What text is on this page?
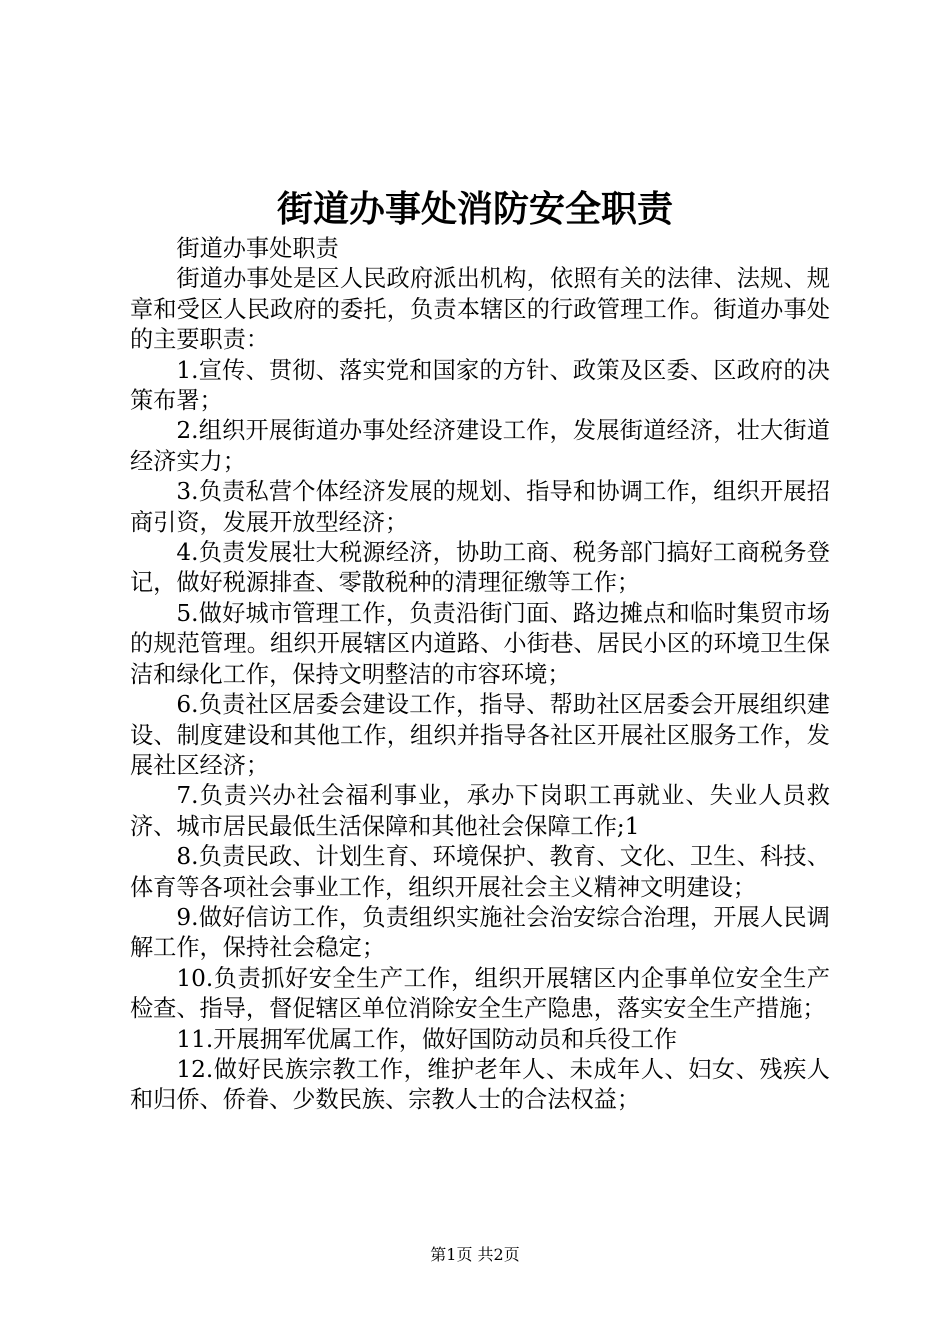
街道办事处消防安全职责

街道办事处职责

街道办事处是区人民政府派出机构，依照有关的法律、法规、规章和受区人民政府的委托，负责本辖区的行政管理工作。街道办事处的主要职责：

1.宣传、贯彻、落实党和国家的方针、政策及区委、区政府的决策布署；

2.组织开展街道办事处经济建设工作，发展街道经济，壮大街道经济实力；

3.负责私营个体经济发展的规划、指导和协调工作，组织开展招商引资，发展开放型经济；

4.负责发展壮大税源经济，协助工商、税务部门搞好工商税务登记，做好税源排查、零散税种的清理征缴等工作；

5.做好城市管理工作，负责沿街门面、路边摊点和临时集贸市场的规范管理。组织开展辖区内道路、小街巷、居民小区的环境卫生保洁和绿化工作，保持文明整洁的市容环境；

6.负责社区居委会建设工作，指导、帮助社区居委会开展组织建设、制度建设和其他工作，组织并指导各社区开展社区服务工作，发展社区经济；

7.负责兴办社会福利事业，承办下岗职工再就业、失业人员救济、城市居民最低生活保障和其他社会保障工作;1

8.负责民政、计划生育、环境保护、教育、文化、卫生、科技、体育等各项社会事业工作，组织开展社会主义精神文明建设；

9.做好信访工作，负责组织实施社会治安综合治理，开展人民调解工作，保持社会稳定；

10.负责抓好安全生产工作，组织开展辖区内企事单位安全生产检查、指导，督促辖区单位消除安全生产隐患，落实安全生产措施；

11.开展拥军优属工作，做好国防动员和兵役工作

12.做好民族宗教工作，维护老年人、未成年人、妇女、残疾人和归侨、侨眷、少数民族、宗教人士的合法权益；

第1页 共2页
